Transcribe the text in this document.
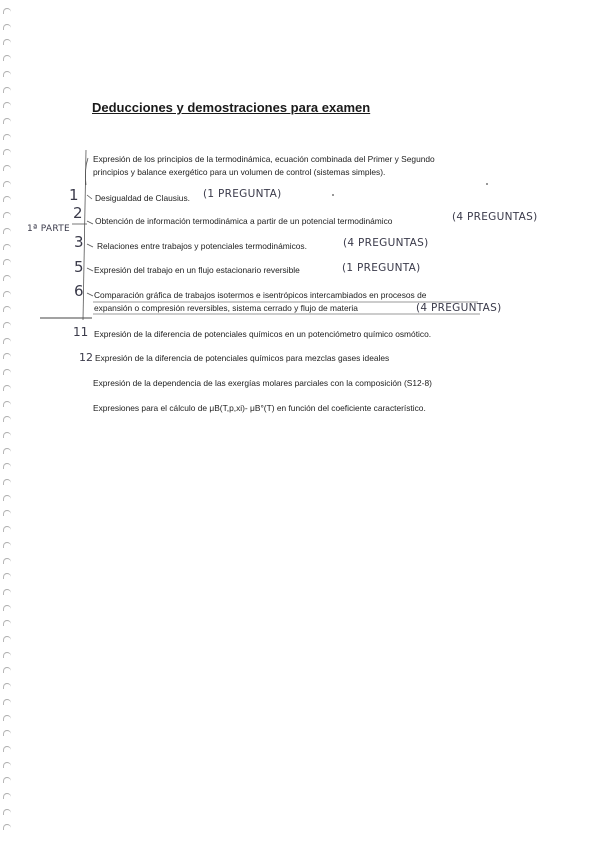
Deducciones y demostraciones para examen
Expresión de los principios de la termodinámica, ecuación combinada del Primer y Segundo
principios y balance exergético para un volumen de control (sistemas simples).
Desigualdad de Clausius.
Obtención de información termodinámica a partir de un potencial termodinámico
Relaciones entre trabajos y potenciales termodinámicos.
Expresión del trabajo en un flujo estacionario reversible
Comparación gráfica de trabajos isotermos e isentrópicos intercambiados en procesos de
expansión o compresión reversibles, sistema cerrado y flujo de materia
Expresión de la diferencia de potenciales químicos en un potenciómetro químico osmótico.
Expresión de la diferencia de potenciales químicos para mezclas gases ideales
Expresión de la dependencia de las exergías molares parciales con la composición (S12-8)
Expresiones para el cálculo de μB(T,p,xi)- μB°(T) en función del coeficiente característico.
1
2
3
5
6
11
12
1ª PARTE
(1 PREGUNTA)
(4 PREGUNTAS)
(4 PREGUNTAS)
(1 PREGUNTA)
(4 PREGUNTAS)
